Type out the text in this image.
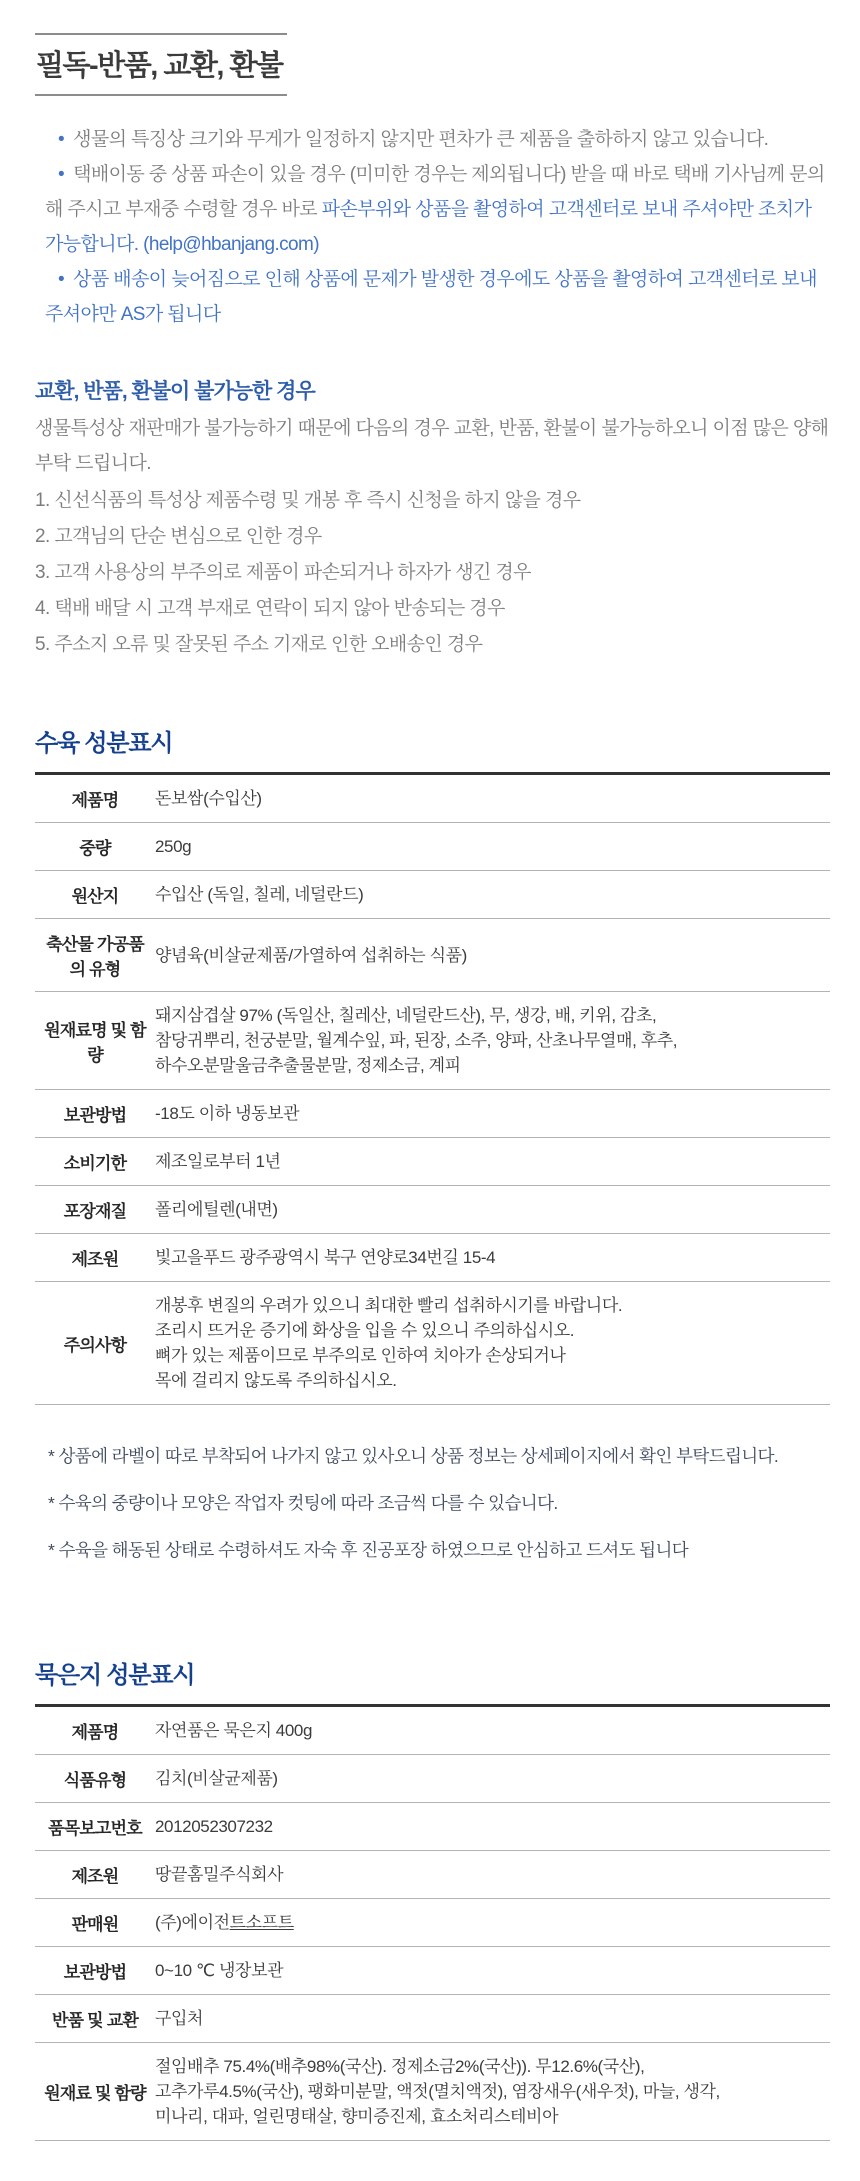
필독-반품, 교환, 환불

• 생물의 특징상 크기와 무게가 일정하지 않지만 편차가 큰 제품을 출하하지 않고 있습니다.

• 택배이동 중 상품 파손이 있을 경우 (미미한 경우는 제외됩니다) 받을 때 바로 택배 기사님께 문의해 주시고 부재중 수령할 경우 바로 파손부위와 상품을 촬영하여 고객센터로 보내 주셔야만 조치가 가능합니다. (help@hbanjang.com)

• 상품 배송이 늦어짐으로 인해 상품에 문제가 발생한 경우에도 상품을 촬영하여 고객센터로 보내 주셔야만 AS가 됩니다

교환, 반품, 환불이 불가능한 경우

생물특성상 재판매가 불가능하기 때문에 다음의 경우 교환, 반품, 환불이 불가능하오니 이점 많은 양해 부탁 드립니다.

1. 신선식품의 특성상 제품수령 및 개봉 후 즉시 신청을 하지 않을 경우

2. 고객님의 단순 변심으로 인한 경우

3. 고객 사용상의 부주의로 제품이 파손되거나 하자가 생긴 경우

4. 택배 배달 시 고객 부재로 연락이 되지 않아 반송되는 경우

5. 주소지 오류 및 잘못된 주소 기재로 인한 오배송인 경우

수육 성분표시
제품명	돈보쌈(수입산)
중량	250g
원산지	수입산 (독일, 칠레, 네덜란드)
축산물 가공품의 유형	양념육(비살균제품/가열하여 섭취하는 식품)
원재료명 및 함량	돼지삼겹살 97% (독일산, 칠레산, 네덜란드산), 무, 생강, 배, 키위, 감초,
참당귀뿌리, 천궁분말, 월계수잎, 파, 된장, 소주, 양파, 산초나무열매, 후추,
하수오분말울금추출물분말, 정제소금, 계피

보관방법	-18도 이하 냉동보관
소비기한	제조일로부터 1년
포장재질	폴리에틸렌(내면)
제조원	빛고을푸드 광주광역시 북구 연양로34번길 15-4
주의사항	개봉후 변질의 우려가 있으니 최대한 빨리 섭취하시기를 바랍니다.
조리시 뜨거운 증기에 화상을 입을 수 있으니 주의하십시오.
뼈가 있는 제품이므로 부주의로 인하여 치아가 손상되거나
목에 걸리지 않도록 주의하십시오.

* 상품에 라벨이 따로 부착되어 나가지 않고 있사오니 상품 정보는 상세페이지에서 확인 부탁드립니다.

* 수육의 중량이나 모양은 작업자 컷팅에 따라 조금씩 다를 수 있습니다.

* 수육을 해동된 상태로 수령하셔도 자숙 후 진공포장 하였으므로 안심하고 드셔도 됩니다

묵은지 성분표시
제품명	자연품은 묵은지 400g
식품유형	김치(비살균제품)
품목보고번호	2012052307232
제조원	땅끝홈밀주식회사
판매원	(주)에이전트소프트
보관방법	0~10 ℃ 냉장보관
반품 및 교환	구입처
원재료 및 함량	절임배추 75.4%(배추98%(국산). 정제소금2%(국산)). 무12.6%(국산),
고추가루4.5%(국산), 팽화미분말, 액젓(멸치액젓), 염장새우(새우젓), 마늘, 생각,
미나리, 대파, 얼린명태살, 향미증진제, 효소처리스테비아
